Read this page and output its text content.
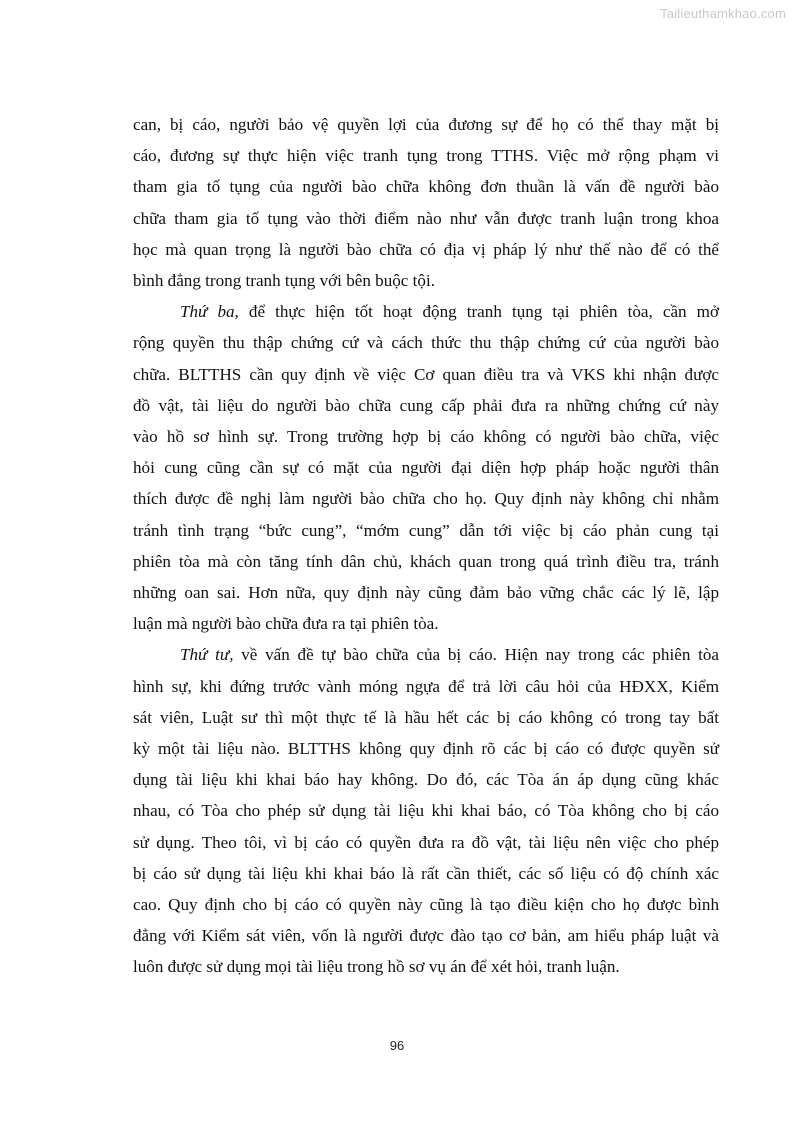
Tailieuthamkhao.com

can, bị cáo, người bảo vệ quyền lợi của đương sự để họ có thể thay mặt bị
cáo, đương sự thực hiện việc tranh tụng trong TTHS. Việc mở rộng phạm vi
tham gia tố tụng của người bào chữa không đơn thuần là vấn đề người bào
chữa tham gia tố tụng vào thời điểm nào như vẫn được tranh luận trong khoa
học mà quan trọng là người bào chữa có địa vị pháp lý như thế nào để có thể
bình đẳng trong tranh tụng với bên buộc tội.

Thứ ba, để thực hiện tốt hoạt động tranh tụng tại phiên tòa, cần mở
rộng quyền thu thập chứng cứ và cách thức thu thập chứng cứ của người bào
chữa. BLTTHS cần quy định về việc Cơ quan điều tra và VKS khi nhận được
đồ vật, tài liệu do người bào chữa cung cấp phải đưa ra những chứng cứ này
vào hồ sơ hình sự. Trong trường hợp bị cáo không có người bào chữa, việc
hỏi cung cũng cần sự có mặt của người đại diện hợp pháp hoặc người thân
thích được đề nghị làm người bào chữa cho họ. Quy định này không chỉ nhằm
tránh tình trạng “bức cung”, “mớm cung” dẫn tới việc bị cáo phản cung tại
phiên tòa mà còn tăng tính dân chủ, khách quan trong quá trình điều tra, tránh
những oan sai. Hơn nữa, quy định này cũng đảm bảo vững chắc các lý lẽ, lập
luận mà người bào chữa đưa ra tại phiên tòa.

Thứ tư, về vấn đề tự bào chữa của bị cáo. Hiện nay trong các phiên tòa
hình sự, khi đứng trước vành móng ngựa để trả lời câu hỏi của HĐXX, Kiểm
sát viên, Luật sư thì một thực tế là hầu hết các bị cáo không có trong tay bất
kỳ một tài liệu nào. BLTTHS không quy định rõ các bị cáo có được quyền sử
dụng tài liệu khi khai báo hay không. Do đó, các Tòa án áp dụng cũng khác
nhau, có Tòa cho phép sử dụng tài liệu khi khai báo, có Tòa không cho bị cáo
sử dụng. Theo tôi, vì bị cáo có quyền đưa ra đồ vật, tài liệu nên việc cho phép
bị cáo sử dụng tài liệu khi khai báo là rất cần thiết, các số liệu có độ chính xác
cao. Quy định cho bị cáo có quyền này cũng là tạo điều kiện cho họ được bình
đẳng với Kiểm sát viên, vốn là người được đào tạo cơ bản, am hiểu pháp luật và
luôn được sử dụng mọi tài liệu trong hồ sơ vụ án để xét hỏi, tranh luận.

96
